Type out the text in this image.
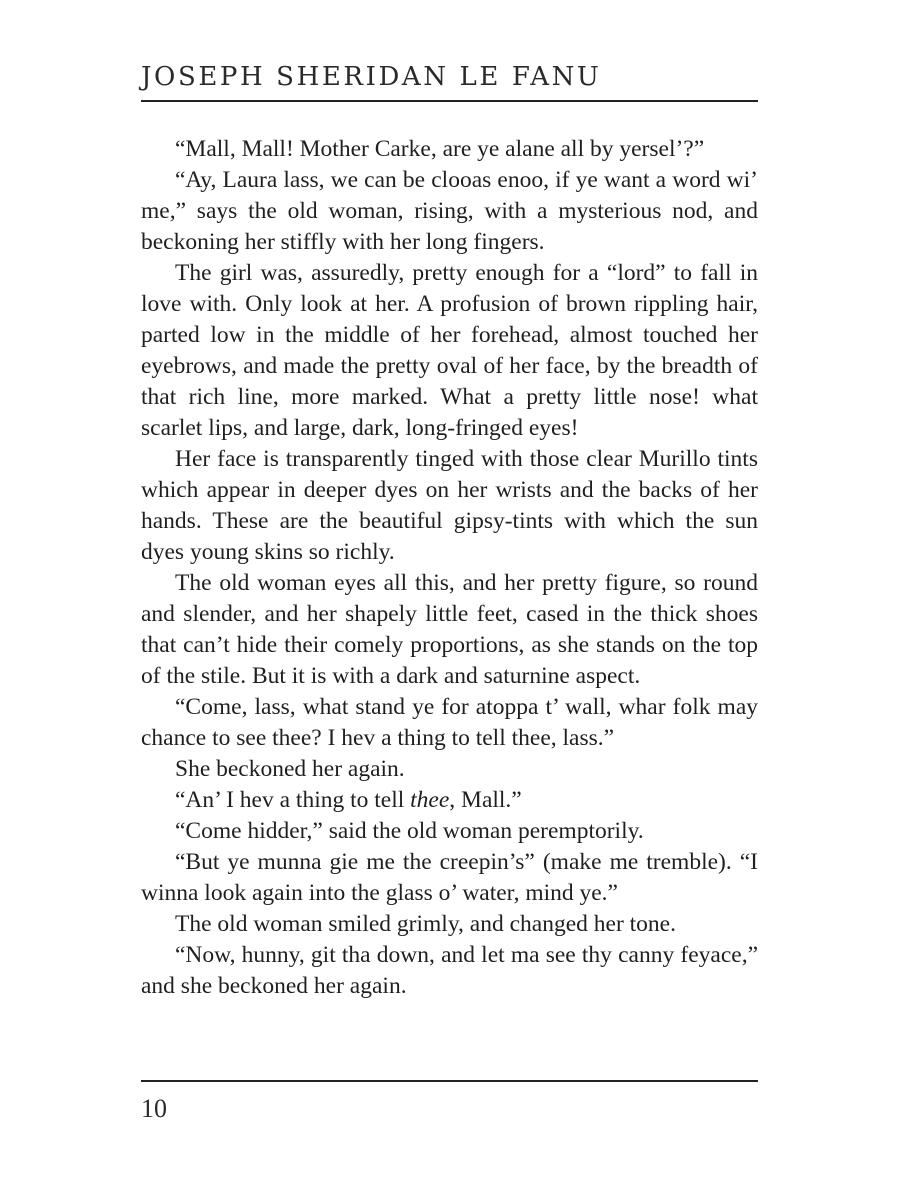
JOSEPH SHERIDAN LE FANU

“Mall, Mall! Mother Carke, are ye alane all by yersel’?”

“Ay, Laura lass, we can be clooas enoo, if ye want a word wi’ me,” says the old woman, rising, with a mysterious nod, and beckoning her stiffly with her long fingers.

The girl was, assuredly, pretty enough for a “lord” to fall in love with. Only look at her. A profusion of brown rippling hair, parted low in the middle of her forehead, almost touched her eyebrows, and made the pretty oval of her face, by the breadth of that rich line, more marked. What a pretty little nose! what scarlet lips, and large, dark, long-fringed eyes!

Her face is transparently tinged with those clear Murillo tints which appear in deeper dyes on her wrists and the backs of her hands. These are the beautiful gipsy-tints with which the sun dyes young skins so richly.

The old woman eyes all this, and her pretty figure, so round and slender, and her shapely little feet, cased in the thick shoes that can’t hide their comely proportions, as she stands on the top of the stile. But it is with a dark and saturnine aspect.

“Come, lass, what stand ye for atoppa t’ wall, whar folk may chance to see thee? I hev a thing to tell thee, lass.”

She beckoned her again.

“An’ I hev a thing to tell thee, Mall.”

“Come hidder,” said the old woman peremptorily.

“But ye munna gie me the creepin’s” (make me tremble). “I winna look again into the glass o’ water, mind ye.”

The old woman smiled grimly, and changed her tone.

“Now, hunny, git tha down, and let ma see thy canny feyace,” and she beckoned her again.

10
